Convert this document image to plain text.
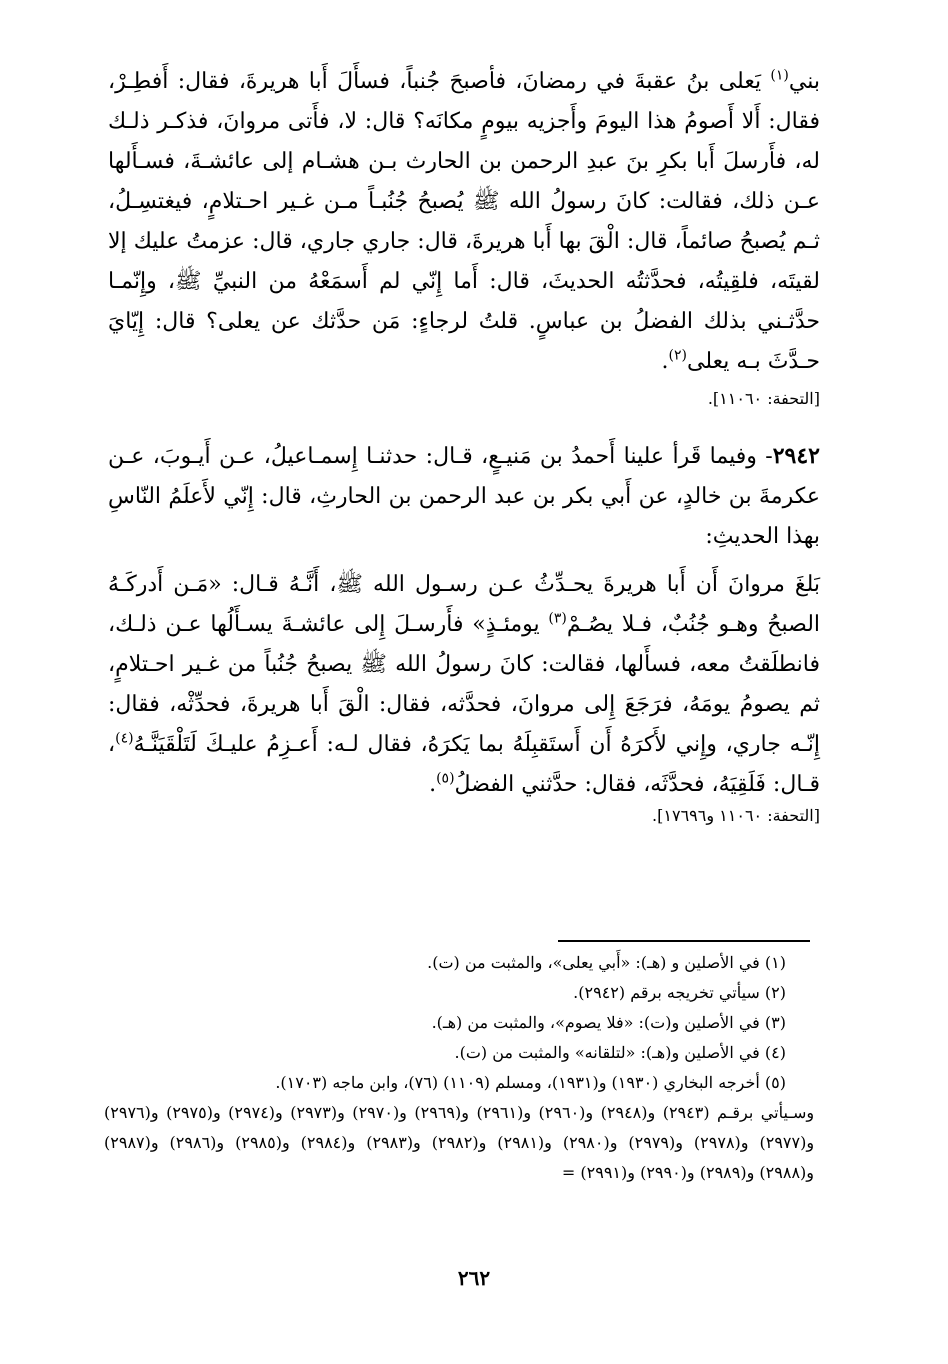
بني$^{(١)}$ يَعلى بنُ عقبةَ في رمضانَ، فأصبحَ جُنباً، فسأَلَ أَبا هريرةَ، فقال: أَفطِـرْ، فقال: أَلا أَصومُ هذا اليومَ وأَجزيه بيومٍ مكانَه؟ قال: لا، فأَتى مروانَ، فذكـر ذلـك له، فأَرسلَ أَبا بكرِ بنَ عبدِ الرحمن بن الحارث بـن هشـام إلى عائشـةَ، فسـأَلها عـن ذلك، فقالت: كانَ رسولُ الله ﷺ يُصبحُ جُنُبـاً مـن غـير احـتلامٍ، فيغتسِـلُ، ثـم يُصبحُ صائماً، قال: الْقَ بها أَبا هريرةَ، قال: جاري جاري، قال: عزمتُ عليك إلا لقيتَه، فلقِيتُه، فحدَّثتُه الحديثَ، قال: أَما إِنّي لم أَسمَعْهُ من النبيِّ ﷺ، وإِنّمـا حدَّثـني بذلك الفضلُ بن عباسٍ. قلتُ لرجاءٍ: مَن حدَّثك عن يعلى؟ قال: إِيّايَ حـدَّثَ بـه يعلى$^{(٢)}$.

[التحفة: ١١٠٦٠].

٢٩٤٢- وفيما قَرأ علينا أَحمدُ بن مَنيـعٍ، قـال: حدثنـا إِسمـاعيلُ، عـن أَيـوبَ، عـن عكرمةَ بن خالدٍ، عن أَبي بكر بن عبد الرحمن بن الحارثِ، قال: إِنّي لأَعلَمُ النّاسِ بهذا الحديثِ:

بَلغَ مروانَ أَن أَبا هريرةَ يحـدِّثُ عـن رسـول الله ﷺ، أَنَّـهُ قـال: «مَـن أَدركَـهُ الصبحُ وهـو جُنُبٌ، فـلا يصُـمْ$^{(٣)}$ يومئـذٍ» فأَرسـلَ إِلى عائشـةَ يسـأَلُها عـن ذلـك، فانطلَقتُ معه، فسأَلها، فقالت: كانَ رسولُ الله ﷺ يصبحُ جُنُباً من غـير احـتلامٍ، ثم يصومُ يومَهُ، فرَجَعَ إِلى مروانَ، فحدَّثه، فقال: الْقَ أَبا هريرةَ، فحدِّثْه، فقال: إِنّـه جاري، وإِني لأَكرَهُ أَن أَستَقبِلَهُ بما يَكرَهُ، فقال لـه: أَعـزِمُ عليـكَ لَتَلْقَيَنَّـهُ$^{(٤)}$، قـال: فَلَقِيَهُ، فحدَّثَه، فقال: حدَّثني الفضلُ$^{(٥)}$.

[التحفة: ١١٠٦٠ و١٧٦٩٦].

(١) في الأصلين و (هـ): «أَبي يعلى»، والمثبت من (ت).

(٢) سيأتي تخريجه برقم (٢٩٤٢).

(٣) في الأصلين و(ت): «فلا يصوم»، والمثبت من (هـ).

(٤) في الأصلين و(هـ): «لتلقانه» والمثبت من (ت).

(٥) أخرجه البخاري (١٩٣٠) و(١٩٣١)، ومسلم (١١٠٩) (٧٦)، وابن ماجه (١٧٠٣).

وسـيأتي برقـم (٢٩٤٣) و(٢٩٤٨) و(٢٩٦٠) و(٢٩٦١) و(٢٩٦٩) و(٢٩٧٠) و(٢٩٧٣) و(٢٩٧٤) و(٢٩٧٥) و(٢٩٧٦) و(٢٩٧٧) و(٢٩٧٨) و(٢٩٧٩) و(٢٩٨٠) و(٢٩٨١) و(٢٩٨٢) و(٢٩٨٣) و(٢٩٨٤) و(٢٩٨٥) و(٢٩٨٦) و(٢٩٨٧) و(٢٩٨٨) و(٢٩٨٩) و(٢٩٩٠) و(٢٩٩١) =

٢٦٢
